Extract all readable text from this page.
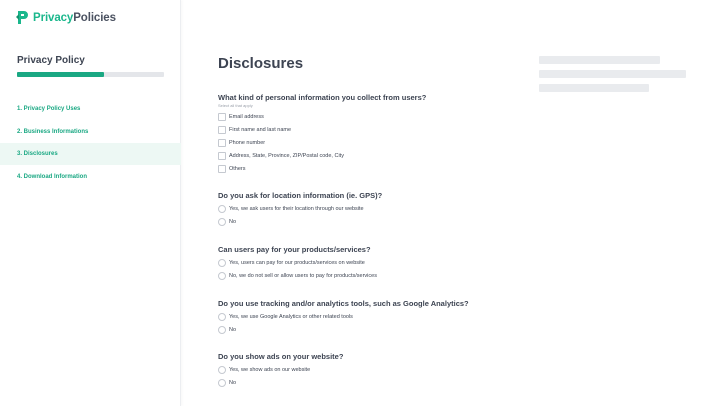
PrivacyPolicies
Privacy Policy
1. Privacy Policy Uses
2. Business Informations
3. Disclosures
4. Download Information
Disclosures
What kind of personal information you collect from users?
Select all that apply
Email address
First name and last name
Phone number
Address, State, Province, ZIP/Postal code, City
Others
Do you ask for location information (ie. GPS)?
Yes, we ask users for their location through our website
No
Can users pay for your products/services?
Yes, users can pay for our products/services on website
No, we do not sell or allow users to pay for products/services
Do you use tracking and/or analytics tools, such as Google Analytics?
Yes, we use Google Analytics or other related tools
No
Do you show ads on your website?
Yes, we show ads on our website
No
